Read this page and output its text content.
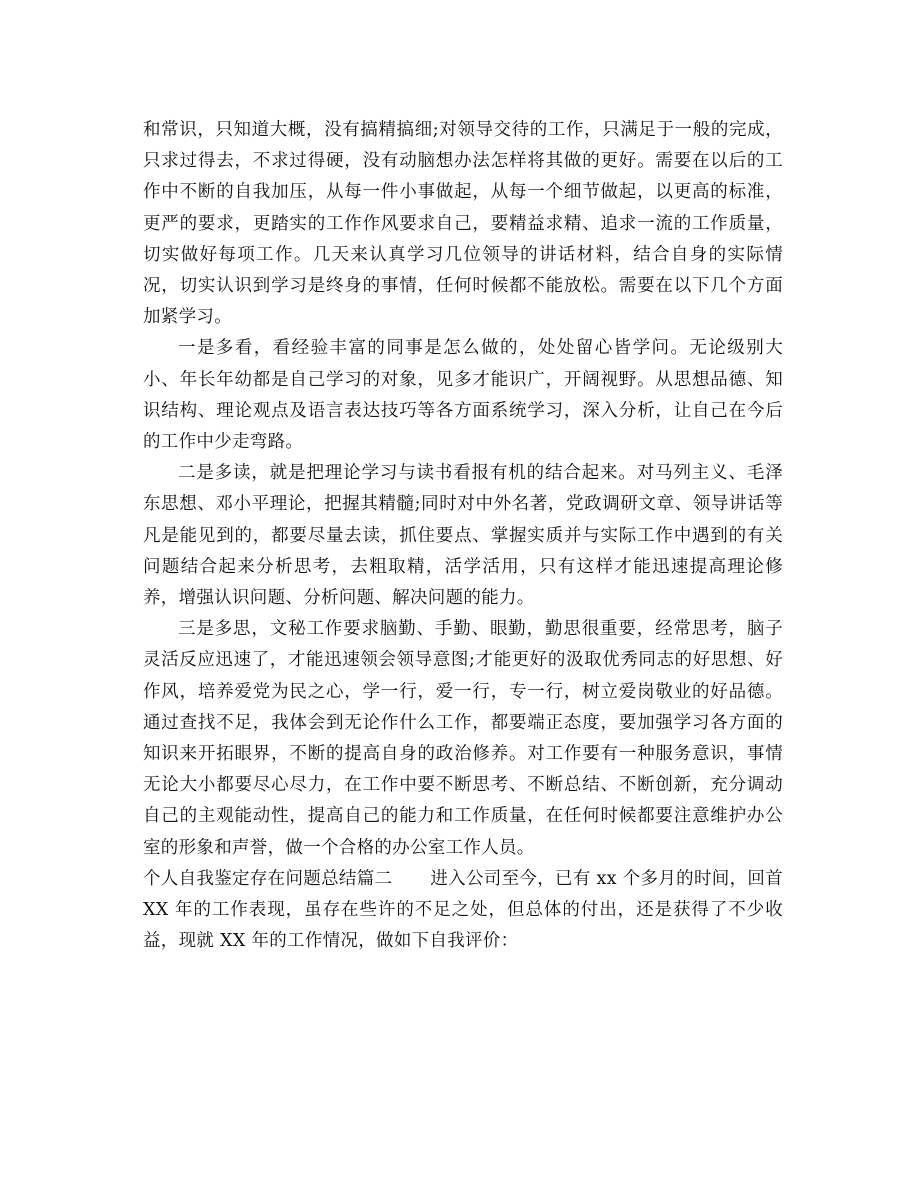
和常识，只知道大概，没有搞精搞细;对领导交待的工作，只满足于一般的完成，只求过得去，不求过得硬，没有动脑想办法怎样将其做的更好。需要在以后的工作中不断的自我加压，从每一件小事做起，从每一个细节做起，以更高的标准，更严的要求，更踏实的工作作风要求自己，要精益求精、追求一流的工作质量，切实做好每项工作。几天来认真学习几位领导的讲话材料，结合自身的实际情况，切实认识到学习是终身的事情，任何时候都不能放松。需要在以下几个方面加紧学习。

一是多看，看经验丰富的同事是怎么做的，处处留心皆学问。无论级别大小、年长年幼都是自己学习的对象，见多才能识广，开阔视野。从思想品德、知识结构、理论观点及语言表达技巧等各方面系统学习，深入分析，让自己在今后的工作中少走弯路。

二是多读，就是把理论学习与读书看报有机的结合起来。对马列主义、毛泽东思想、邓小平理论，把握其精髓;同时对中外名著，党政调研文章、领导讲话等凡是能见到的，都要尽量去读，抓住要点、掌握实质并与实际工作中遇到的有关问题结合起来分析思考，去粗取精，活学活用，只有这样才能迅速提高理论修养，增强认识问题、分析问题、解决问题的能力。

三是多思，文秘工作要求脑勤、手勤、眼勤，勤思很重要，经常思考，脑子灵活反应迅速了，才能迅速领会领导意图;才能更好的汲取优秀同志的好思想、好作风，培养爱党为民之心，学一行，爱一行，专一行，树立爱岗敬业的好品德。通过查找不足，我体会到无论作什么工作，都要端正态度，要加强学习各方面的知识来开拓眼界，不断的提高自身的政治修养。对工作要有一种服务意识，事情无论大小都要尽心尽力，在工作中要不断思考、不断总结、不断创新，充分调动自己的主观能动性，提高自己的能力和工作质量，在任何时候都要注意维护办公室的形象和声誉，做一个合格的办公室工作人员。

个人自我鉴定存在问题总结篇二 进入公司至今，已有 xx 个多月的时间，回首 XX 年的工作表现，虽存在些许的不足之处，但总体的付出，还是获得了不少收益，现就 XX 年的工作情况，做如下自我评价：
